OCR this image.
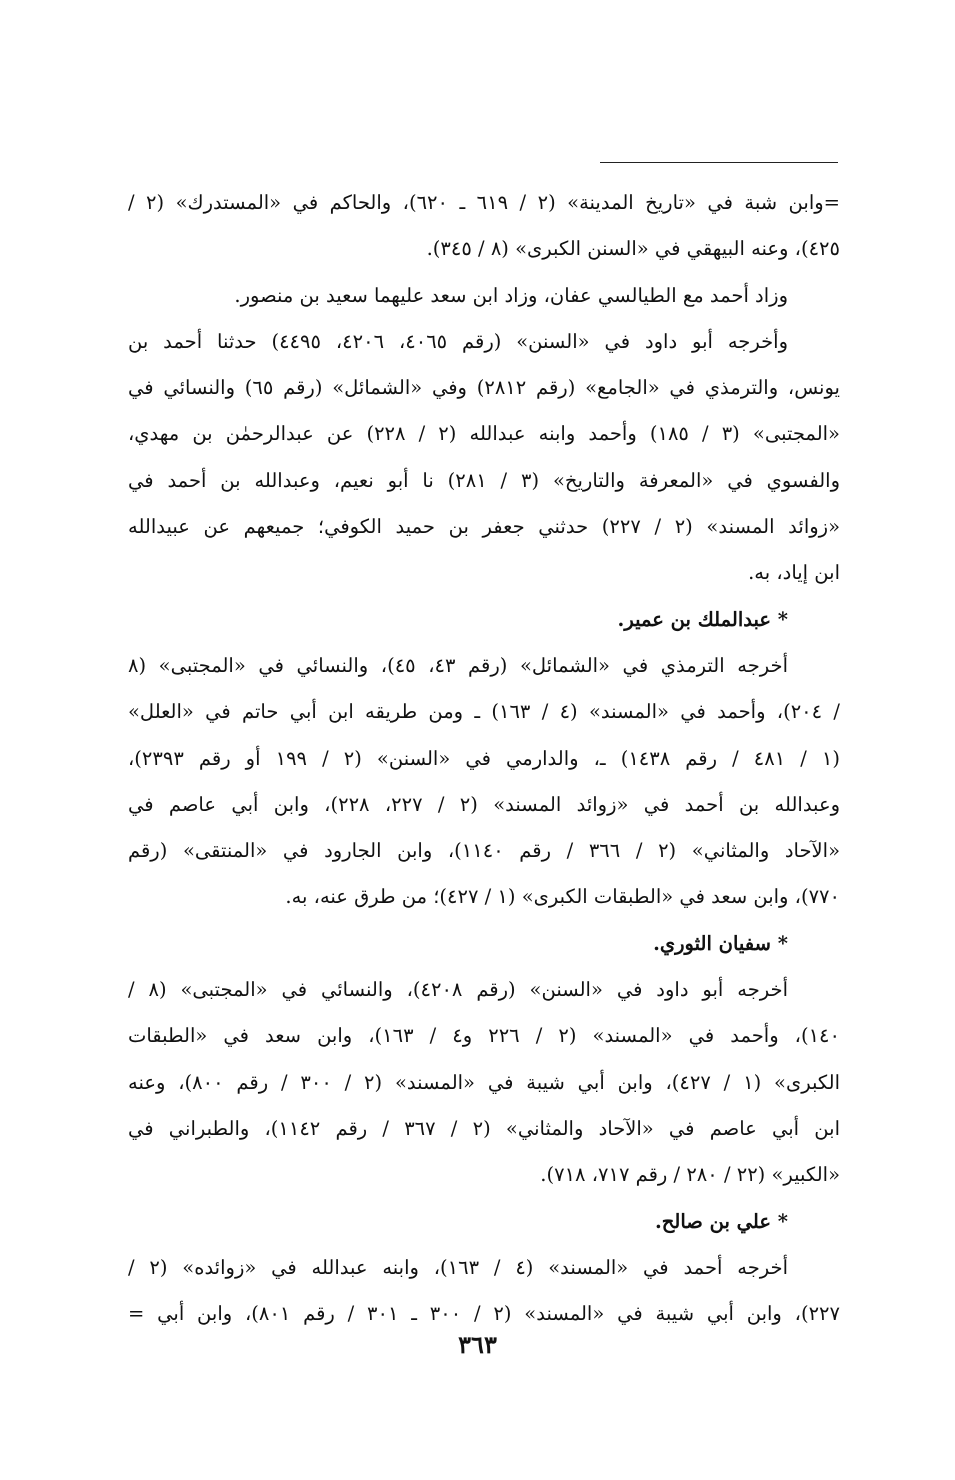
=وابن شبة في «تاريخ المدينة» (٢ / ٦١٩ ـ ٦٢٠)، والحاكم في «المستدرك» (٢ /
٤٢٥)، وعنه البيهقي في «السنن الكبرى» (٨ / ٣٤٥).
وزاد أحمد مع الطيالسي عفان، وزاد ابن سعد عليهما سعيد بن منصور.
وأخرجه أبو داود في «السنن» (رقم ٤٠٦٥، ٤٢٠٦، ٤٤٩٥) حدثنا أحمد بن
يونس، والترمذي في «الجامع» (رقم ٢٨١٢) وفي «الشمائل» (رقم ٦٥) والنسائي في
«المجتبى» (٣ / ١٨٥) وأحمد وابنه عبدالله (٢ / ٢٢٨) عن عبدالرحمٰن بن مهدي،
والفسوي في «المعرفة والتاريخ» (٣ / ٢٨١) نا أبو نعيم، وعبدالله بن أحمد في
«زوائد المسند» (٢ / ٢٢٧) حدثني جعفر بن حميد الكوفي؛ جميعهم عن عبيدالله
ابن إياد، به.
* عبدالملك بن عمير.
أخرجه الترمذي في «الشمائل» (رقم ٤٣، ٤٥)، والنسائي في «المجتبى» (٨
/ ٢٠٤)، وأحمد في «المسند» (٤ / ١٦٣) ـ ومن طريقه ابن أبي حاتم في «العلل»
(١ / ٤٨١ / رقم ١٤٣٨) ـ، والدارمي في «السنن» (٢ / ١٩٩ أو رقم ٢٣٩٣)،
وعبدالله بن أحمد في «زوائد المسند» (٢ / ٢٢٧، ٢٢٨)، وابن أبي عاصم في
«الآحاد والمثاني» (٢ / ٣٦٦ / رقم ١١٤٠)، وابن الجارود في «المنتقى» (رقم
٧٧٠)، وابن سعد في «الطبقات الكبرى» (١ / ٤٢٧)؛ من طرق عنه، به.
* سفيان الثوري.
أخرجه أبو داود في «السنن» (رقم ٤٢٠٨)، والنسائي في «المجتبى» (٨ /
١٤٠)، وأحمد في «المسند» (٢ / ٢٢٦ و٤ / ١٦٣)، وابن سعد في «الطبقات
الكبرى» (١ / ٤٢٧)، وابن أبي شيبة في «المسند» (٢ / ٣٠٠ / رقم ٨٠٠)، وعنه
ابن أبي عاصم في «الآحاد والمثاني» (٢ / ٣٦٧ / رقم ١١٤٢)، والطبراني في
«الكبير» (٢٢ / ٢٨٠ / رقم ٧١٧، ٧١٨).
* علي بن صالح.
أخرجه أحمد في «المسند» (٤ / ١٦٣)، وابنه عبدالله في «زوائده» (٢ /
٢٢٧)، وابن أبي شيبة في «المسند» (٢ / ٣٠٠ ـ ٣٠١ / رقم ٨٠١)، وابن أبي =
٣٦٣
